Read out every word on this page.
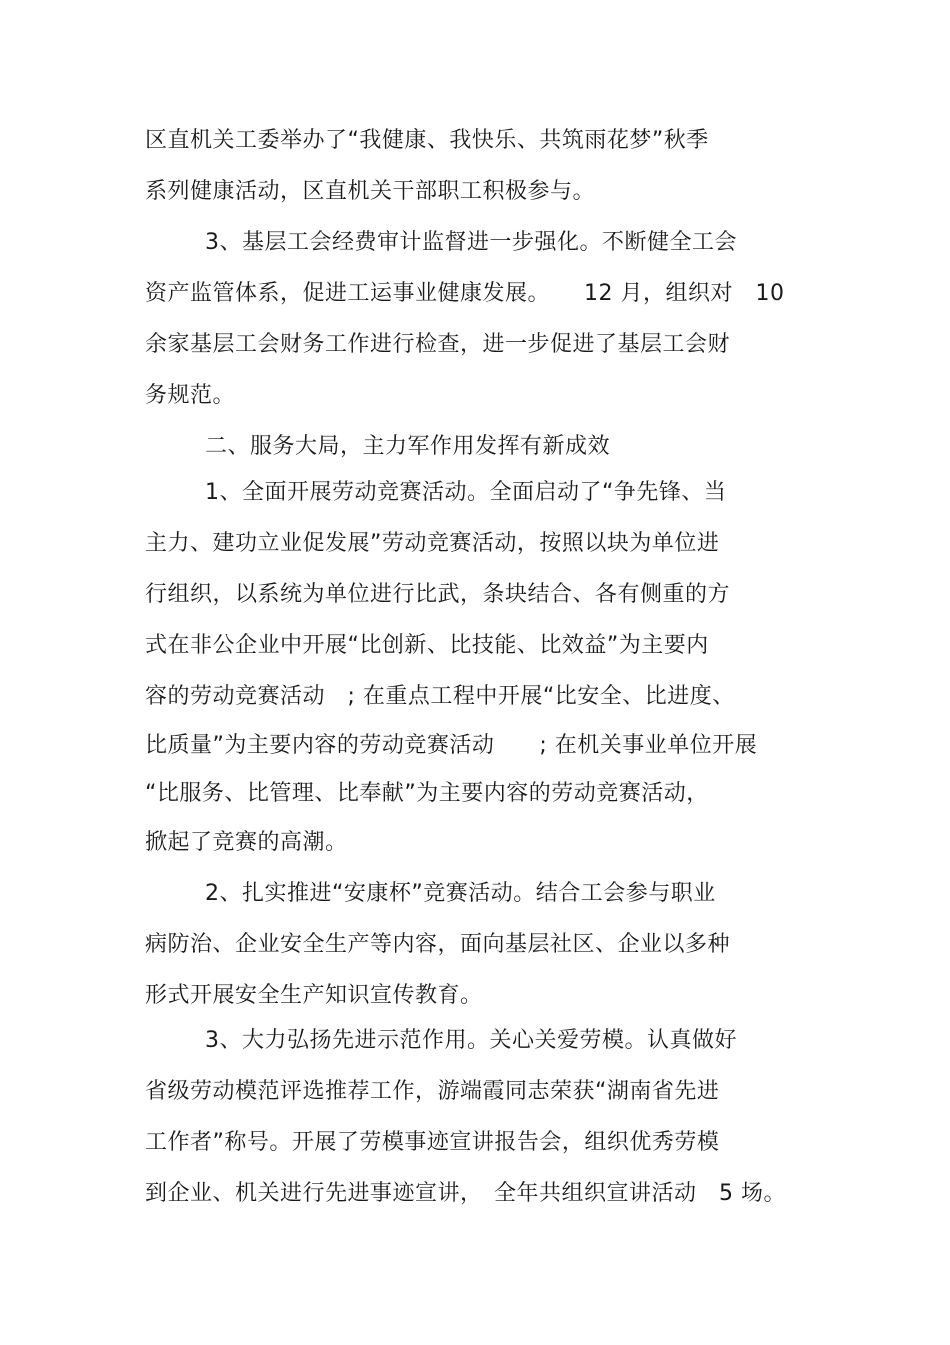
区直机关工委举办了“我健康、我快乐、共筑雨花梦”秋季
系列健康活动，区直机关干部职工积极参与。
3、基层工会经费审计监督进一步强化。不断健全工会
资产监管体系，促进工运事业健康发展。　　12 月，组织对　10
余家基层工会财务工作进行检查，进一步促进了基层工会财
务规范。
二、服务大局，主力军作用发挥有新成效
1、全面开展劳动竞赛活动。全面启动了“争先锋、当
主力、建功立业促发展”劳动竞赛活动，按照以块为单位进
行组织，以系统为单位进行比武，条块结合、各有侧重的方
式在非公企业中开展“比创新、比技能、比效益”为主要内
容的劳动竞赛活动　; 在重点工程中开展“比安全、比进度、
比质量”为主要内容的劳动竞赛活动　　; 在机关事业单位开展
“比服务、比管理、比奉献”为主要内容的劳动竞赛活动，
掀起了竞赛的高潮。
2、扎实推进“安康杯”竞赛活动。结合工会参与职业
病防治、企业安全生产等内容，面向基层社区、企业以多种
形式开展安全生产知识宣传教育。
3、大力弘扬先进示范作用。关心关爱劳模。认真做好
省级劳动模范评选推荐工作，游端霞同志荣获“湖南省先进
工作者”称号。开展了劳模事迹宣讲报告会，组织优秀劳模
到企业、机关进行先进事迹宣讲，　全年共组织宣讲活动　5 场。
